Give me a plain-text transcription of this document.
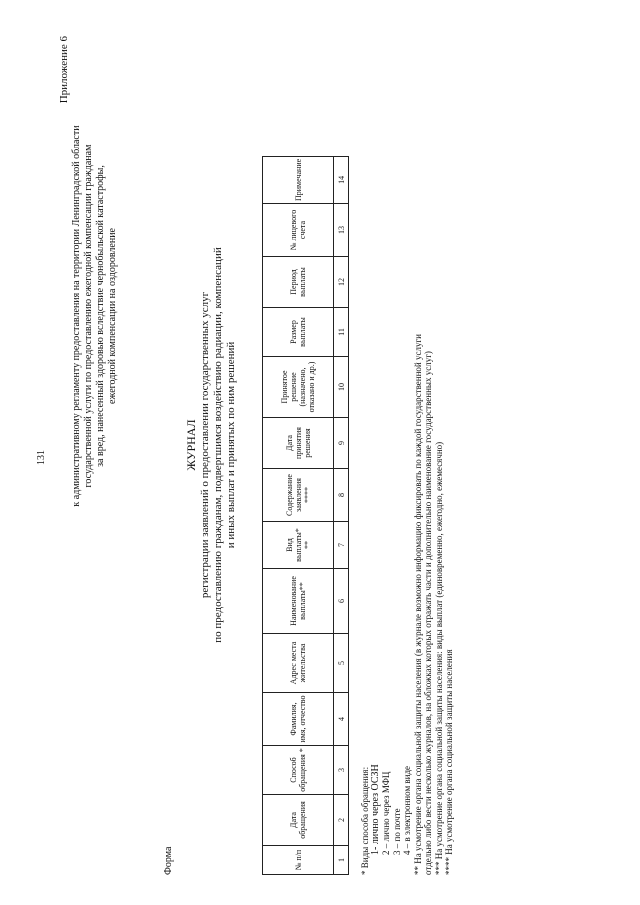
131
Приложение 6
к административному регламенту предоставления на территории Ленинградской области государственной услуги по предоставлению ежегодной компенсации гражданам за вред, нанесенный здоровью вследствие чернобыльской катастрофы, ежегодной компенсации на оздоровление
Форма
ЖУРНАЛ регистрации заявлений о предоставлении государственных услуг по предоставлению гражданам, подвергшимся воздействию радиации, компенсаций и иных выплат и принятых по ним решений
№ п/п	Дата обращения	Способ обращения *	Фамилия, имя, отчество	Адрес места жительства	Наименование выплаты**	Вид выплаты* **	Содержание заявления ****	Дата принятия решения	Принятое решение (назначено, отказано и др.)	Размер выплаты	Период выплаты	№ лицевого счета	Примечание
1	2	3	4	5	6	7	8	9	10	11	12	13	14
* Виды способа обращения: 1- лично через ОСЗН 2 – лично через МФЦ 3 – по почте 4 – в электронном виде ** На усмотрение органа социальной защиты населения (в журнале возможно информацию фиксировать по каждой государственной услуги отдельно либо вести несколько журналов, на обложках которых отражать части и дополнительно наименование государственных услуг) *** На усмотрение органа социальной защиты населения: виды выплат (единовременно, ежегодно, ежемесячно) **** На усмотрение органа социальной защиты населения
